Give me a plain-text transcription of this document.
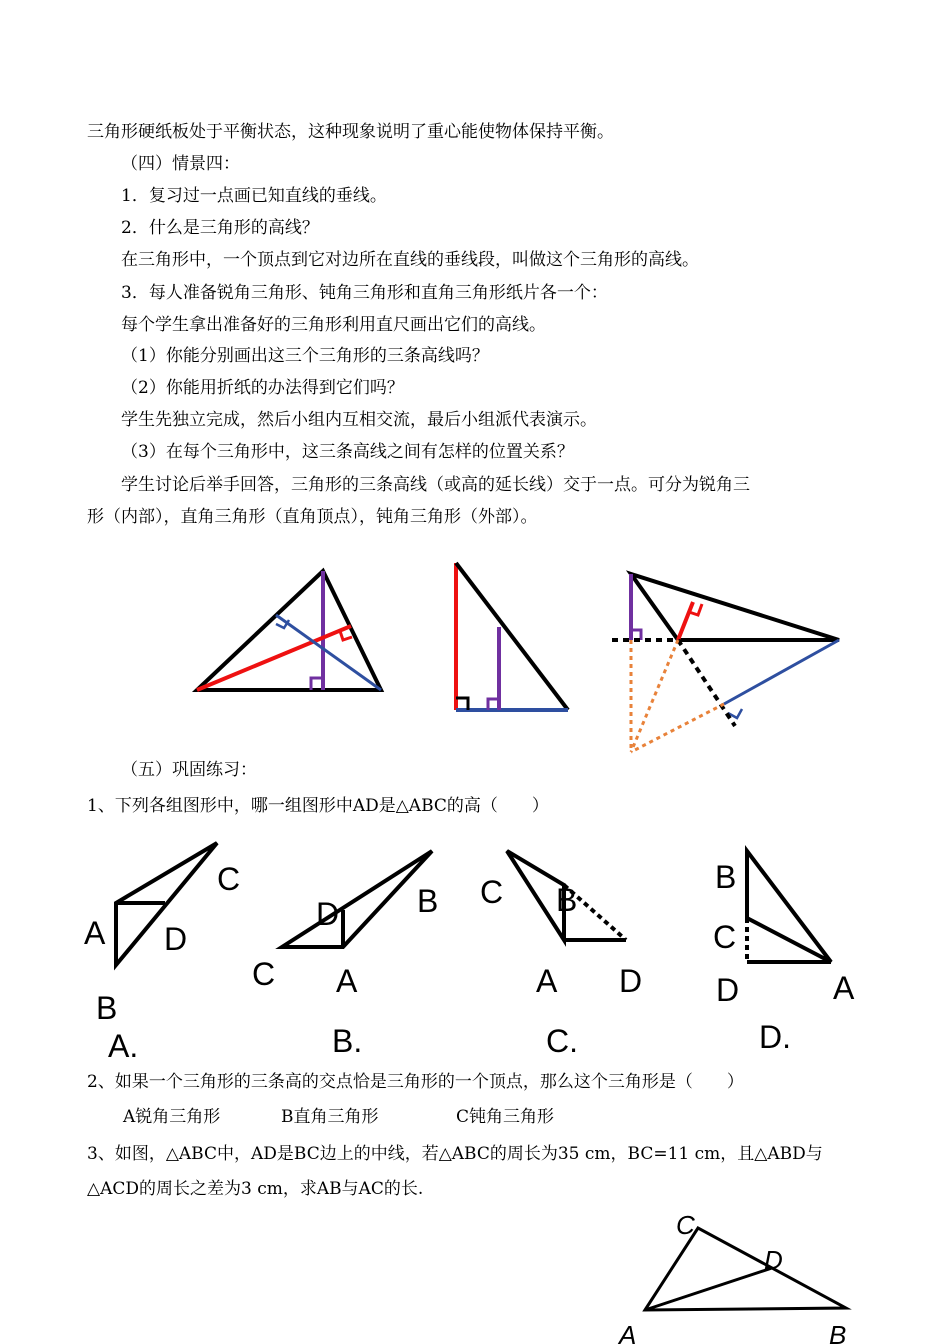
三角形硬纸板处于平衡状态，这种现象说明了重心能使物体保持平衡。
（四）情景四：
1．复习过一点画已知直线的垂线。
2．什么是三角形的高线？
在三角形中，一个顶点到它对边所在直线的垂线段，叫做这个三角形的高线。
3．每人准备锐角三角形、钝角三角形和直角三角形纸片各一个：
每个学生拿出准备好的三角形利用直尺画出它们的高线。
（1）你能分别画出这三个三角形的三条高线吗？
（2）你能用折纸的办法得到它们吗？
学生先独立完成，然后小组内互相交流，最后小组派代表演示。
（3）在每个三角形中，这三条高线之间有怎样的位置关系？
学生讨论后举手回答，三角形的三条高线（或高的延长线）交于一点。可分为锐角三
形（内部），直角三角形（直角顶点），钝角三角形（外部）。
（五）巩固练习：
1、下列各组图形中，哪一组图形中AD是△ABC的高（　　）
A
B
C
D
A.
D B
C A
B.
C B
A D
C.
B
C
D	A
D.
2、如果一个三角形的三条高的交点恰是三角形的一个顶点，那么这个三角形是（　　）
A锐角三角形	B直角三角形	C钝角三角形
3、如图，△ABC中，AD是BC边上的中线，若△ABC的周长为35 cm，BC=11 cm，且△ABD与
△ACD的周长之差为3 cm，求AB与AC的长.
C
D
A	B
